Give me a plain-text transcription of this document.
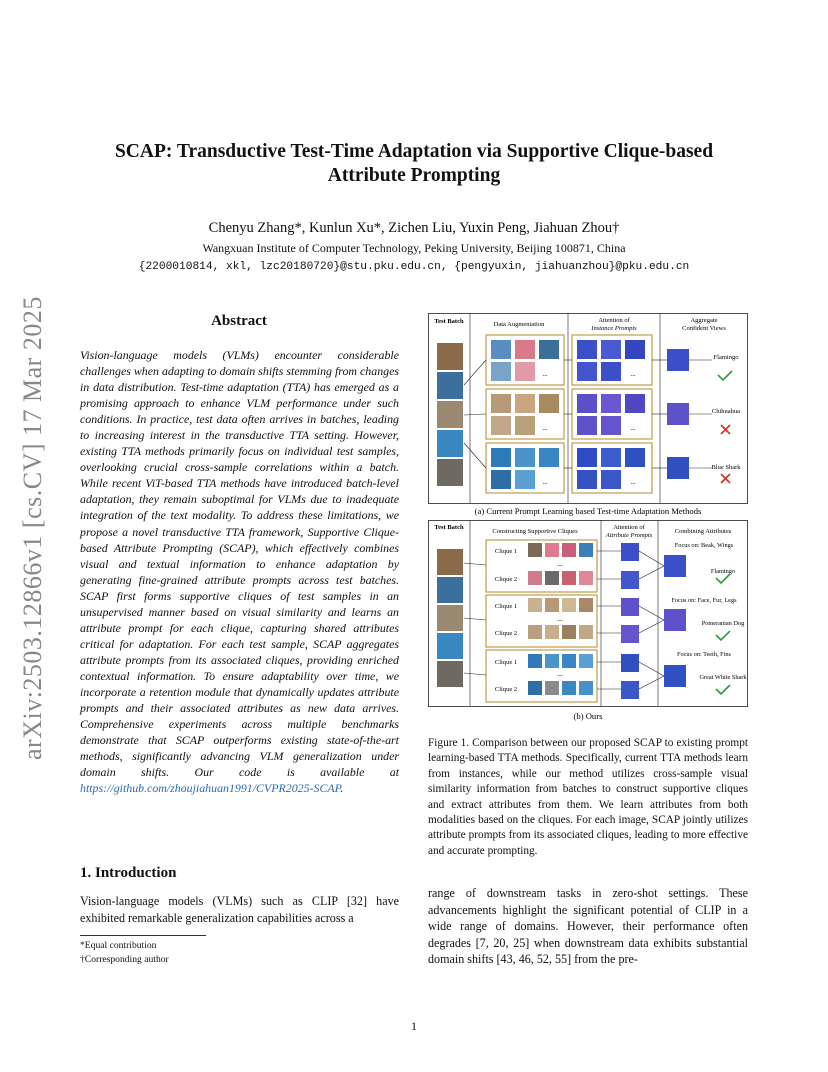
arXiv:2503.12866v1 [cs.CV] 17 Mar 2025
SCAP: Transductive Test-Time Adaptation via Supportive Clique-based
Attribute Prompting
Chenyu Zhang*, Kunlun Xu*, Zichen Liu, Yuxin Peng, Jiahuan Zhou†
Wangxuan Institute of Computer Technology, Peking University, Beijing 100871, China
{2200010814, xkl, lzc20180720}@stu.pku.edu.cn, {pengyuxin, jiahuanzhou}@pku.edu.cn
Abstract
Vision-language models (VLMs) encounter considerable challenges when adapting to domain shifts stemming from changes in data distribution. Test-time adaptation (TTA) has emerged as a promising approach to enhance VLM performance under such conditions. In practice, test data often arrives in batches, leading to increasing interest in the transductive TTA setting. However, existing TTA methods primarily focus on individual test samples, overlooking crucial cross-sample correlations within a batch. While recent ViT-based TTA methods have introduced batch-level adaptation, they remain suboptimal for VLMs due to inadequate integration of the text modality. To address these limitations, we propose a novel transductive TTA framework, Supportive Clique-based Attribute Prompting (SCAP), which effectively combines visual and textual information to enhance adaptation by generating fine-grained attribute prompts across test batches. SCAP first forms supportive cliques of test samples in an unsupervised manner based on visual similarity and learns an attribute prompt for each clique, capturing shared attributes critical for adaptation. For each test sample, SCAP aggregates attribute prompts from its associated cliques, providing enriched contextual information. To ensure adaptability over time, we incorporate a retention module that dynamically updates attribute prompts and their associated attributes as new data arrives. Comprehensive experiments across multiple benchmarks demonstrate that SCAP outperforms existing state-of-the-art methods, significantly advancing VLM generalization under domain shifts. Our code is available at https://github.com/zhoujiahuan1991/CVPR2025-SCAP.
1. Introduction
Vision-language models (VLMs) such as CLIP [32] have exhibited remarkable generalization capabilities across a
*Equal contribution
†Corresponding author
Test Batch	Data Augmentation
Attention of
Instance Prompts
Aggregate
Confident Views
...
...
...
...
...
...
Flamingo
Chihuahua
Blue Shark
(a) Current Prompt Learning based Test-time Adaptation Methods
Test Batch
Constructing Supportive Cliques
Attention of
Attribute Prompts
Combining Attributes
Clique 1
Clique 2
Clique 1
Clique 2
Clique 1
Clique 2
...
...
...
Focus on: Beak, Wings
Focus on: Face, Fur, Legs
Focus on: Teeth, Fins
Flamingo
Pomeranian Dog
Great White Shark
(b) Ours
Figure 1. Comparison between our proposed SCAP to existing prompt learning-based TTA methods. Specifically, current TTA methods learn from instances, while our method utilizes cross-sample visual similarity information from batches to construct supportive cliques and extract attributes from them. We learn attributes from both modalities based on the cliques. For each image, SCAP jointly utilizes attribute prompts from its associated cliques, leading to more effective and accurate prompting.
range of downstream tasks in zero-shot settings. These advancements highlight the significant potential of CLIP in a wide range of domains. However, their performance often degrades [7, 20, 25] when downstream data exhibits substantial domain shifts [43, 46, 52, 55] from the pre-
1
